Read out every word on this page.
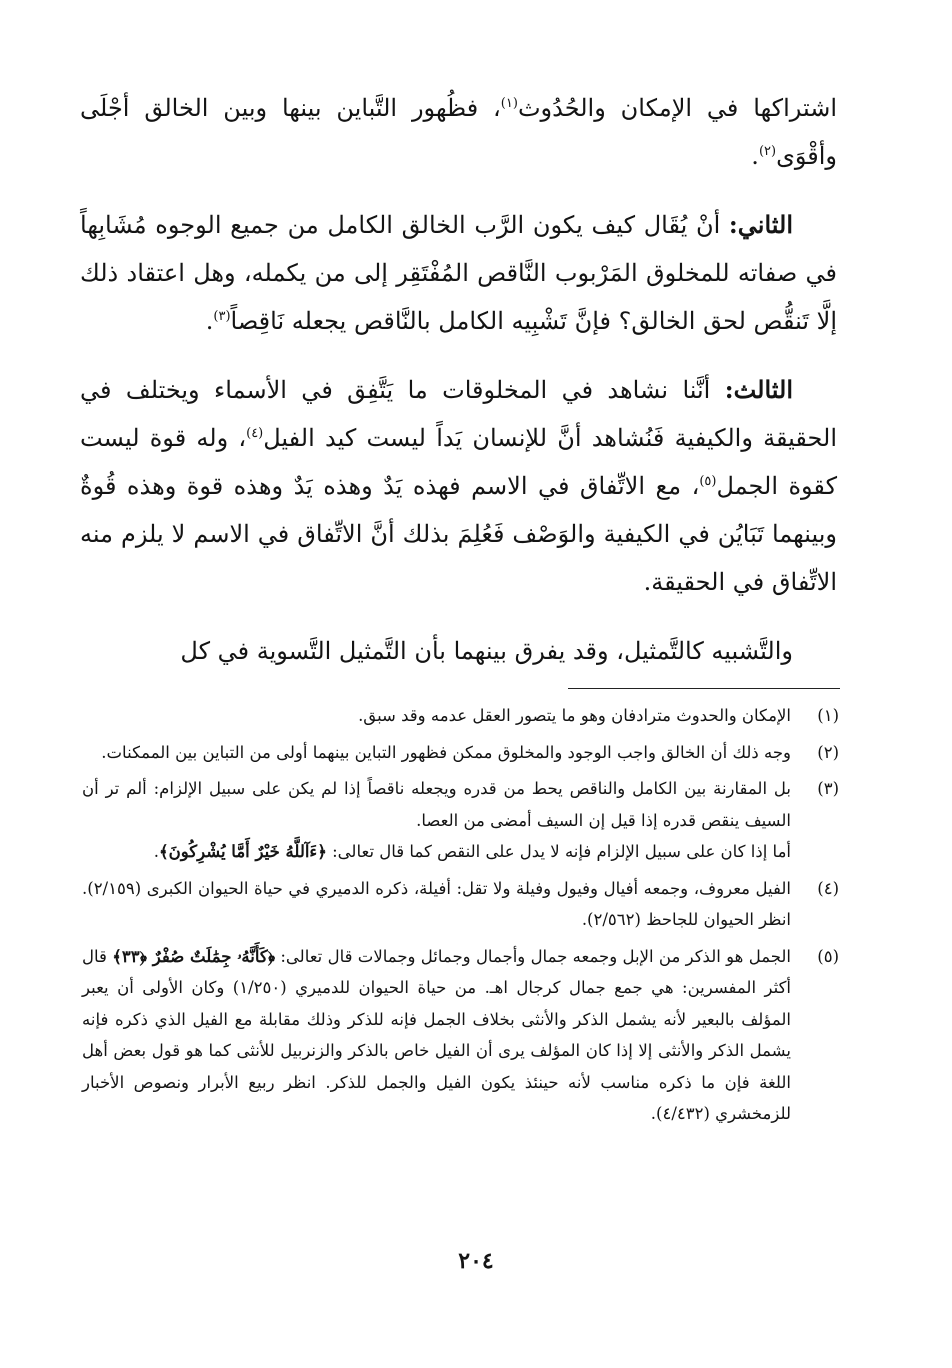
اشتراكها في الإمكان والحُدُوث$^{(١)}$، فظُهور التَّباين بينها وبين الخالق أجْلَى وأقْوَى$^{(٢)}$.

الثاني: أنْ يُقَال كيف يكون الرَّب الخالق الكامل من جميع الوجوه مُشَابِهاً في صفاته للمخلوق المَرْبوب النَّاقص المُفْتَقِر إلى من يكمله، وهل اعتقاد ذلك إلَّا تَنقُّص لحق الخالق؟ فإنَّ تَشْبِيه الكامل بالنَّاقص يجعله نَاقِصاً$^{(٣)}$.

الثالث: أنَّنا نشاهد في المخلوقات ما يَتَّفِق في الأسماء ويختلف في الحقيقة والكيفية فَنُشاهد أنَّ للإنسان يَداً ليست كيد الفيل$^{(٤)}$، وله قوة ليست كقوة الجمل$^{(٥)}$، مع الاتِّفاق في الاسم فهذه يَدٌ وهذه يَدٌ وهذه قوة وهذه قُوةٌ وبينهما تَبَايُن في الكيفية والوَصْف فَعُلِمَ بذلك أنَّ الاتِّفاق في الاسم لا يلزم منه الاتِّفاق في الحقيقة.

والتَّشبيه كالتَّمثيل، وقد يفرق بينهما بأن التَّمثيل التَّسوية في كل

(١)

الإمكان والحدوث مترادفان وهو ما يتصور العقل عدمه وقد سبق.

(٢)

وجه ذلك أن الخالق واجب الوجود والمخلوق ممكن فظهور التباين بينهما أولى من التباين بين الممكنات.

(٣)

بل المقارنة بين الكامل والناقص يحط من قدره ويجعله ناقصاً إذا لم يكن على سبيل الإلزام: ألم تر أن السيف ينقص قدره إذا قيل إن السيف أمضى من العصا.

أما إذا كان على سبيل الإلزام فإنه لا يدل على النقص كما قال تعالى: ﴿ءَآللَّهُ خَيْرٌ أَمَّا يُشْرِكُونَ﴾.

(٤)

الفيل معروف، وجمعه أفيال وفيول وفيلة ولا تقل: أفيلة، ذكره الدميري في حياة الحيوان الكبرى (٢/١٥٩). انظر الحيوان للجاحظ (٢/٥٦٢).

(٥)

الجمل هو الذكر من الإبل وجمعه جمال وأجمال وجمائل وجمالات قال تعالى: ﴿كَأَنَّهُۥ جِمَٰلَتٌ صُفْرٌ ﴿٣٣﴾ قال أكثر المفسرين: هي جمع جمال كرجال اهـ. من حياة الحيوان للدميري (١/٢٥٠) وكان الأولى أن يعبر المؤلف بالبعير لأنه يشمل الذكر والأنثى بخلاف الجمل فإنه للذكر وذلك مقابلة مع الفيل الذي ذكره فإنه يشمل الذكر والأنثى إلا إذا كان المؤلف يرى أن الفيل خاص بالذكر والزنربيل للأنثى كما هو قول بعض أهل اللغة فإن ما ذكره مناسب لأنه حينئذ يكون الفيل والجمل للذكر. انظر ربيع الأبرار ونصوص الأخبار للزمخشري (٤/٤٣٢).

٢٠٤
